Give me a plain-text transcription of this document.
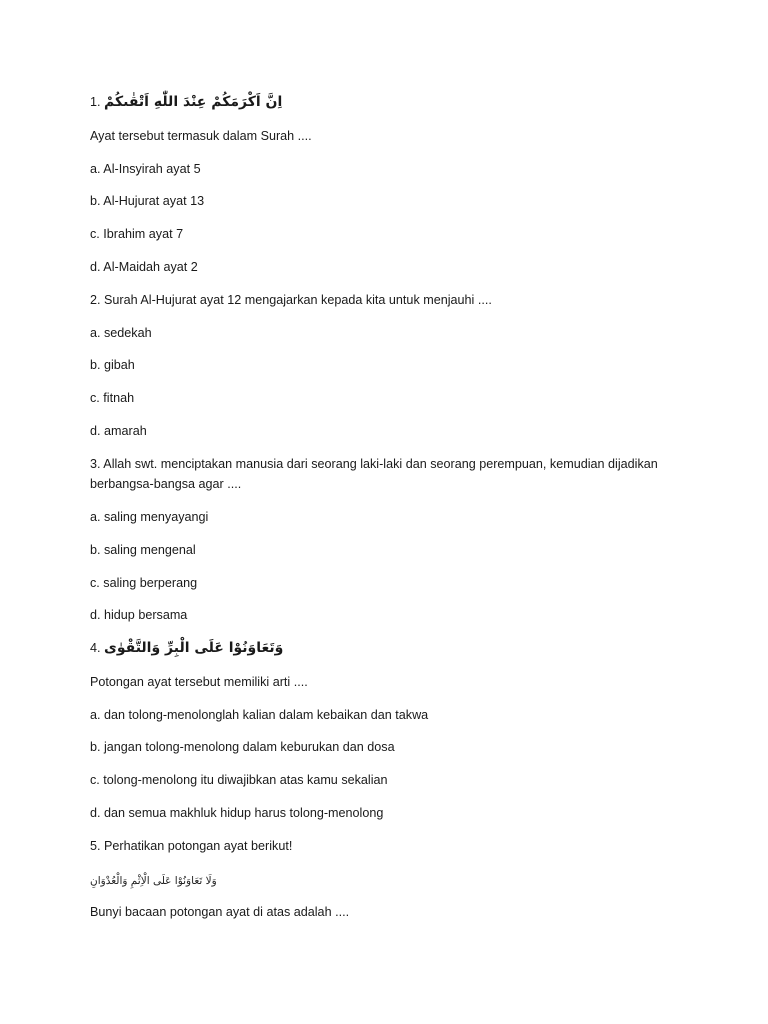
1. اِنَّ اَكْرَمَكُمْ عِنْدَ اللّٰهِ اَتْقٰىكُمْ
Ayat tersebut termasuk dalam Surah ....
a. Al-Insyirah ayat 5
b. Al-Hujurat ayat 13
c. Ibrahim ayat 7
d. Al-Maidah ayat 2
2. Surah Al-Hujurat ayat 12 mengajarkan kepada kita untuk menjauhi ....
a. sedekah
b. gibah
c. fitnah
d. amarah
3. Allah swt. menciptakan manusia dari seorang laki-laki dan seorang perempuan, kemudian dijadikan berbangsa-bangsa agar ....
a. saling menyayangi
b. saling mengenal
c. saling berperang
d. hidup bersama
4. وَتَعَاوَنُوْا عَلَى الْبِرِّ وَالتَّقْوٰى
Potongan ayat tersebut memiliki arti ....
a. dan tolong-menolonglah kalian dalam kebaikan dan takwa
b. jangan tolong-menolong dalam keburukan dan dosa
c. tolong-menolong itu diwajibkan atas kamu sekalian
d. dan semua makhluk hidup harus tolong-menolong
5. Perhatikan potongan ayat berikut!
وَلَا تَعَاوَنُوْا عَلَى الْاِثْمِ وَالْعُدْوَانِ
Bunyi bacaan potongan ayat di atas adalah ....
